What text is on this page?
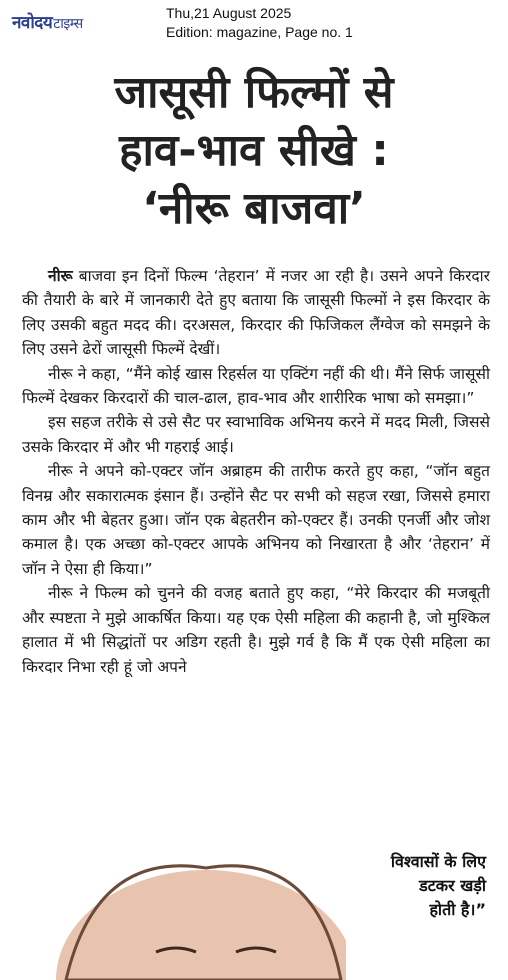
नवोदयटाइम्स
Thu,21 August 2025
Edition: magazine, Page no. 1
जासूसी फिल्मों से
हाव-भाव सीखे :
‘नीरू बाजवा’

नीरू बाजवा इन दिनों फिल्म ‘तेहरान’ में नजर आ रही है। उसने अपने किरदार की तैयारी के बारे में जानकारी देते हुए बताया कि जासूसी फिल्मों ने इस किरदार के लिए उसकी बहुत मदद की। दरअसल, किरदार की फिजिकल लैंग्वेज को समझने के लिए उसने ढेरों जासूसी फिल्में देखीं।

नीरू ने कहा, “मैंने कोई खास रिहर्सल या एक्टिंग नहीं की थी। मैंने सिर्फ जासूसी फिल्में देखकर किरदारों की चाल-ढाल, हाव-भाव और शारीरिक भाषा को समझा।”

इस सहज तरीके से उसे सैट पर स्वाभाविक अभिनय करने में मदद मिली, जिससे उसके किरदार में और भी गहराई आई।

नीरू ने अपने को-एक्टर जॉन अब्राहम की तारीफ करते हुए कहा, “जॉन बहुत विनम्र और सकारात्मक इंसान हैं। उन्होंने सैट पर सभी को सहज रखा, जिससे हमारा काम और भी बेहतर हुआ। जॉन एक बेहतरीन को-एक्टर हैं। उनकी एनर्जी और जोश कमाल है। एक अच्छा को-एक्टर आपके अभिनय को निखारता है और ‘तेहरान’ में जॉन ने ऐसा ही किया।”

नीरू ने फिल्म को चुनने की वजह बताते हुए कहा, “मेरे किरदार की मजबूती और स्पष्टता ने मुझे आकर्षित किया। यह एक ऐसी महिला की कहानी है, जो मुश्किल हालात में भी सिद्धांतों पर अडिग रहती है। मुझे गर्व है कि मैं एक ऐसी महिला का किरदार निभा रही हूं जो अपने

विश्वासों के लिए
डटकर खड़ी
होती है।”
